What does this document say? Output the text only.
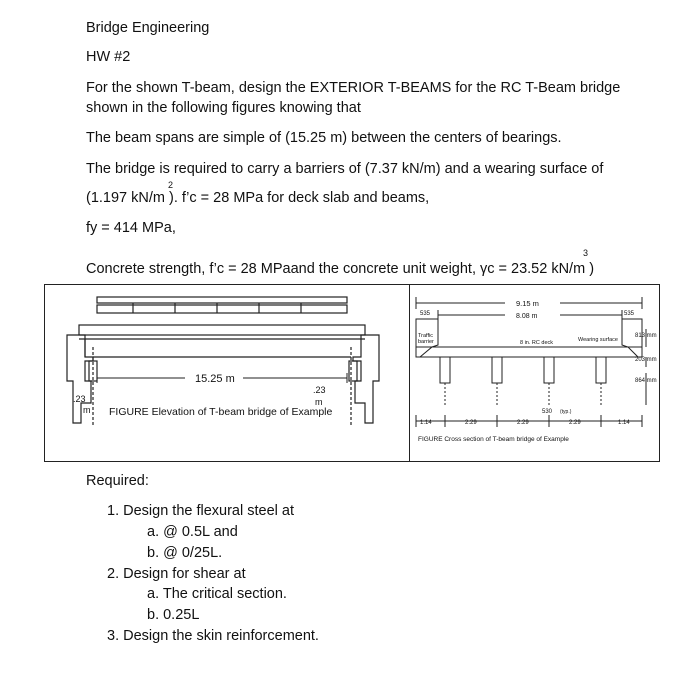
Bridge Engineering
HW #2
For the shown T-beam, design the EXTERIOR T-BEAMS for the RC T-Beam bridge
shown in the following figures knowing that
The beam spans are simple of (15.25 m) between the centers of bearings.
The bridge is required to carry a barriers of (7.37 kN/m) and a wearing surface of
2
(1.197 kN/m ). f’c = 28 MPa for deck slab and beams,
fy = 414 MPa,
3
Concrete strength, f’c = 28 MPaand the concrete unit weight, γc = 23.52 kN/m )
15.25 m
.23
m
.23
m
FIGURE Elevation of T-beam bridge of Example
9.15 m
8.08 m
535	535
Traffic
barrier	8 in. RC deck	Wearing surface
813 mm
203 mm
864 mm
530 (typ.)
1.14	2.29	2.29	2.29	1.14
FIGURE Cross section of T-beam bridge of Example
Required:
1. Design the flexural steel at
a. @ 0.5L and
b. @ 0/25L.
2. Design for shear at
a. The critical section.
b. 0.25L
3. Design the skin reinforcement.
